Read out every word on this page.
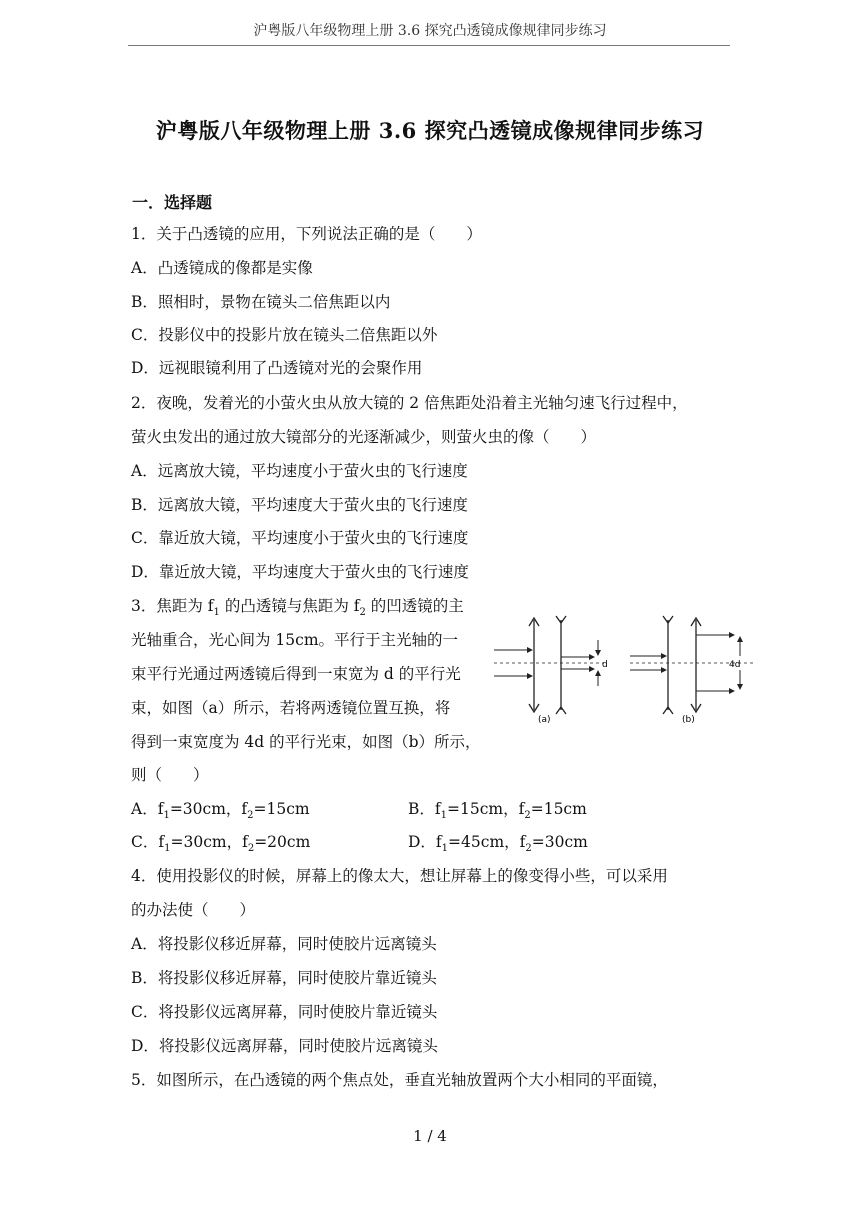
沪粤版八年级物理上册 3.6 探究凸透镜成像规律同步练习
沪粤版八年级物理上册 3.6 探究凸透镜成像规律同步练习
一．选择题
1．关于凸透镜的应用，下列说法正确的是（　　）
A．凸透镜成的像都是实像
B．照相时，景物在镜头二倍焦距以内
C．投影仪中的投影片放在镜头二倍焦距以外
D．远视眼镜利用了凸透镜对光的会聚作用
2．夜晚，发着光的小萤火虫从放大镜的 2 倍焦距处沿着主光轴匀速飞行过程中，
萤火虫发出的通过放大镜部分的光逐渐减少，则萤火虫的像（　　）
A．远离放大镜，平均速度小于萤火虫的飞行速度
B．远离放大镜，平均速度大于萤火虫的飞行速度
C．靠近放大镜，平均速度小于萤火虫的飞行速度
D．靠近放大镜，平均速度大于萤火虫的飞行速度
3．焦距为 $f_1$ 的凸透镜与焦距为 $f_2$ 的凹透镜的主
光轴重合，光心间为 15cm。平行于主光轴的一
束平行光通过两透镜后得到一束宽为 d 的平行光
束，如图（a）所示，若将两透镜位置互换，将
得到一束宽度为 4d 的平行光束，如图（b）所示，
则（　　）
d
(a)
4d
(b)
A．$f_1=30cm$，$f_2=15cm$	B．$f_1=15cm$，$f_2=15cm$
C．$f_1=30cm$，$f_2=20cm$	D．$f_1=45cm$，$f_2=30cm$
4．使用投影仪的时候，屏幕上的像太大，想让屏幕上的像变得小些，可以采用
的办法使（　　）
A．将投影仪移近屏幕，同时使胶片远离镜头
B．将投影仪移近屏幕，同时使胶片靠近镜头
C．将投影仪远离屏幕，同时使胶片靠近镜头
D．将投影仪远离屏幕，同时使胶片远离镜头
5．如图所示，在凸透镜的两个焦点处，垂直光轴放置两个大小相同的平面镜，
1 / 4
